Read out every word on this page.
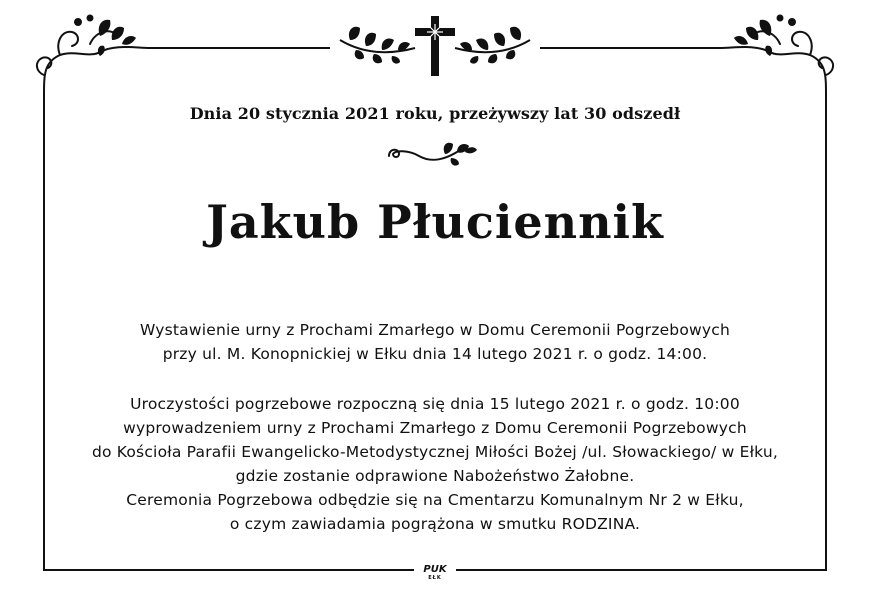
Dnia 20 stycznia 2021 roku, przeżywszy lat 30 odszedł
Jakub Płuciennik
Wystawienie urny z Prochami Zmarłego w Domu Ceremonii Pogrzebowych
przy ul. M. Konopnickiej w Ełku dnia 14 lutego 2021 r. o godz. 14:00.
Uroczystości pogrzebowe rozpoczną się dnia 15 lutego 2021 r. o godz. 10:00
wyprowadzeniem urny z Prochami Zmarłego z Domu Ceremonii Pogrzebowych
do Kościoła Parafii Ewangelicko-Metodystycznej Miłości Bożej /ul. Słowackiego/ w Ełku,
gdzie zostanie odprawione Nabożeństwo Żałobne.
Ceremonia Pogrzebowa odbędzie się na Cmentarzu Komunalnym Nr 2 w Ełku,
o czym zawiadamia pogrążona w smutku RODZINA.
PUK
EŁK
